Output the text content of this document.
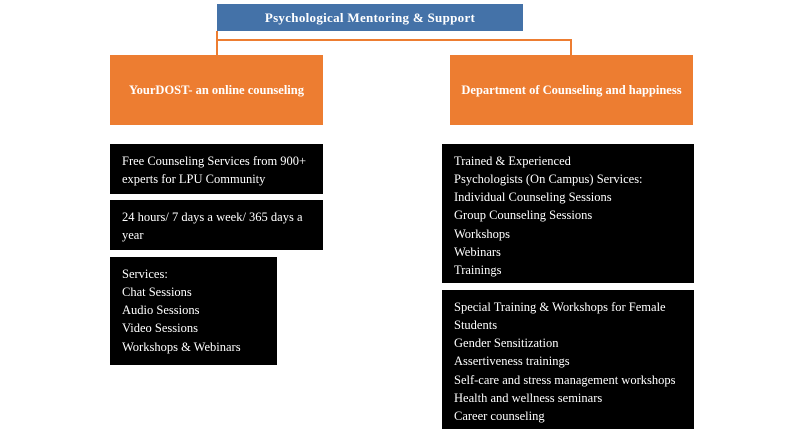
Psychological Mentoring & Support
YourDOST- an online counseling
Free Counseling Services from 900+
experts for LPU Community
24 hours/ 7 days a week/ 365 days a
year
Services:
Chat Sessions
Audio Sessions
Video Sessions
Workshops & Webinars
Department of Counseling and happiness
Trained & Experienced
Psychologists (On Campus) Services:
Individual Counseling Sessions
Group Counseling Sessions
Workshops
Webinars
Trainings
Special Training & Workshops for Female
Students
Gender Sensitization
Assertiveness trainings
Self-care and stress management workshops
Health and wellness seminars
Career counseling
